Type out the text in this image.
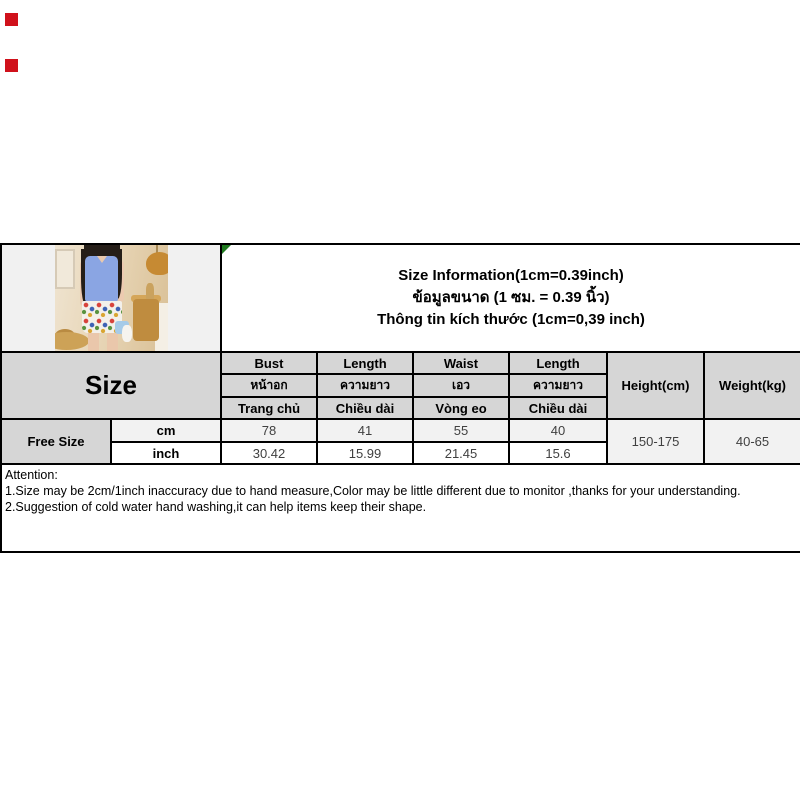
		Size Information(1cm=0.39inch)
ข้อมูลขนาด (1 ซม. = 0.39 นิ้ว)
Thông tin kích thước (1cm=0,39 inch)					

Size		Bust	Length	Waist	Length	Height(cm)	Weight(kg)
		หน้าอก	ความยาว	เอว	ความยาว		
		Trang chủ	Chiều dài	Vòng eo	Chiều dài		
Free Size	cm	78	41	55	40	150-175	40-65
	inch	30.42	15.99	21.45	15.6		

Attention:
1.Size may be 2cm/1inch inaccuracy due to hand measure,Color may be little different due to monitor ,thanks for your understanding.
2.Suggestion of cold water hand washing,it can help items keep their shape.							
